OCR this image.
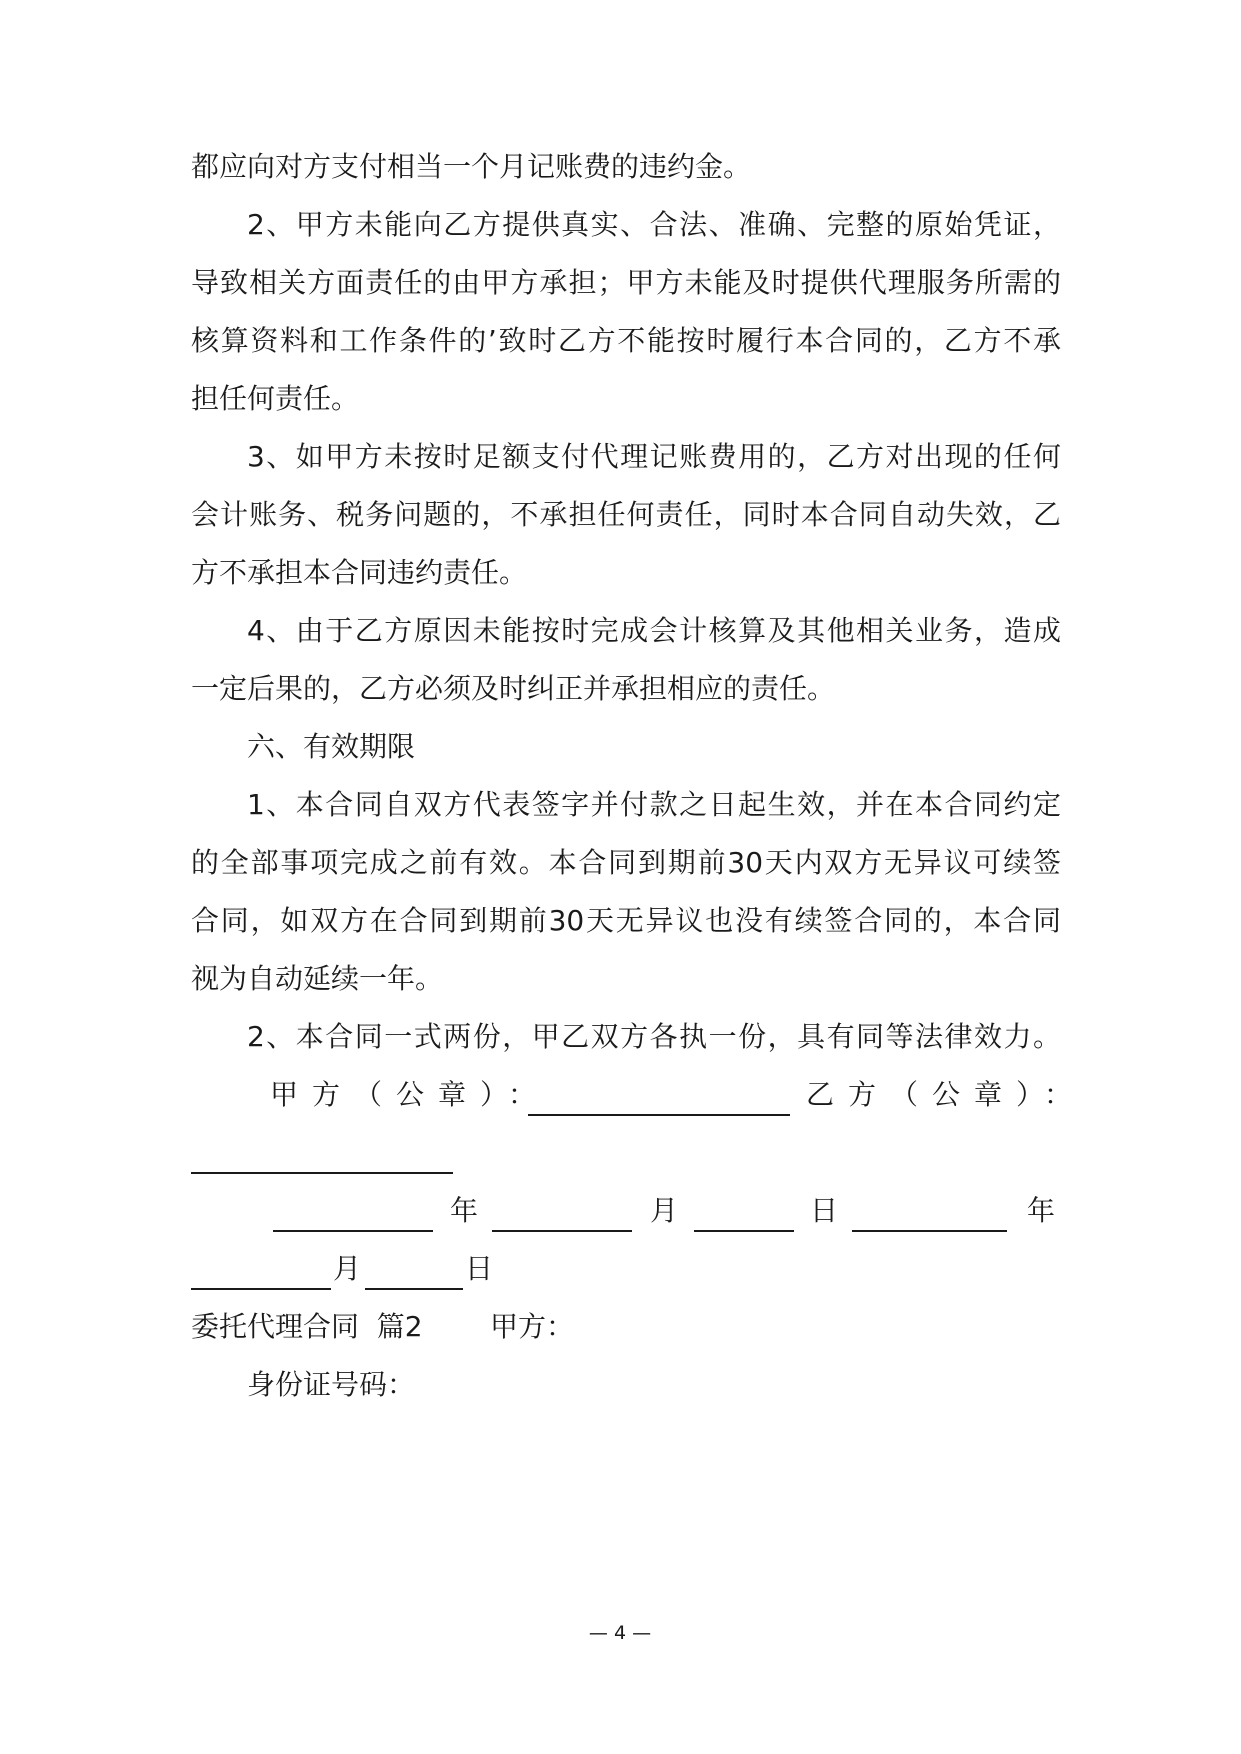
都应向对方支付相当一个月记账费的违约金。
2、甲方未能向乙方提供真实、合法、准确、完整的原始凭证，
导致相关方面责任的由甲方承担；甲方未能及时提供代理服务所需的
核算资料和工作条件的’致时乙方不能按时履行本合同的，乙方不承
担任何责任。
3、如甲方未按时足额支付代理记账费用的，乙方对出现的任何
会计账务、税务问题的，不承担任何责任，同时本合同自动失效，乙
方不承担本合同违约责任。
4、由于乙方原因未能按时完成会计核算及其他相关业务，造成
一定后果的，乙方必须及时纠正并承担相应的责任。
六、有效期限
1、本合同自双方代表签字并付款之日起生效，并在本合同约定
的全部事项完成之前有效。本合同到期前30天内双方无异议可续签
合同，如双方在合同到期前30天无异议也没有续签合同的，本合同
视为自动延续一年。
2、本合同一式两份，甲乙双方各执一份，具有同等法律效力。
甲方（公章）：	乙方（公章）：
年	月	日	年
月	日
委托代理合同  篇2 甲方：
身份证号码：
— 4 —
